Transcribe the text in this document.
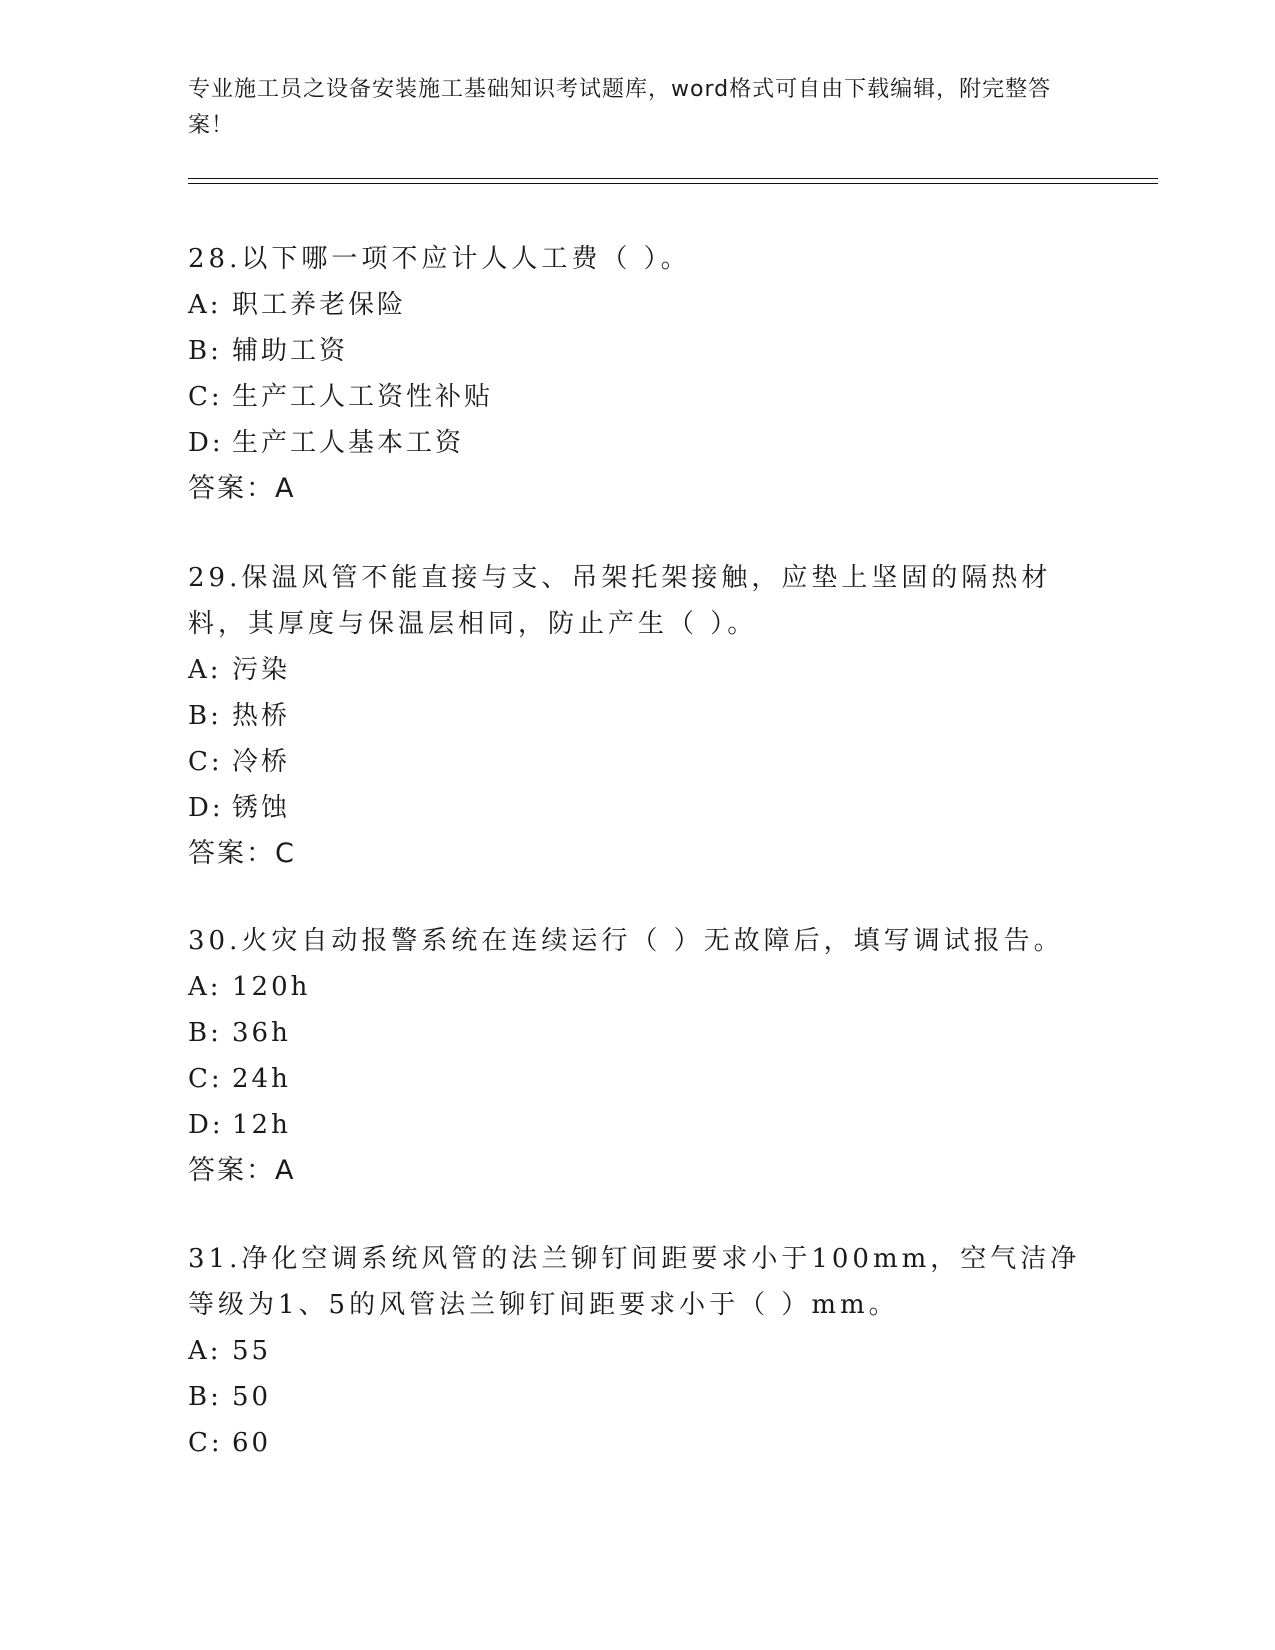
专业施工员之设备安装施工基础知识考试题库，word格式可自由下载编辑，附完整答案！

28.以下哪一项不应计人人工费（ ）。

A: 职工养老保险
B: 辅助工资
C: 生产工人工资性补贴
D: 生产工人基本工资
答案：A

29.保温风管不能直接与支、吊架托架接触，应垫上坚固的隔热材料，其厚度与保温层相同，防止产生（ ）。

A: 污染
B: 热桥
C: 冷桥
D: 锈蚀
答案：C

30.火灾自动报警系统在连续运行（ ）无故障后，填写调试报告。

A: 120h
B: 36h
C: 24h
D: 12h
答案：A

31.净化空调系统风管的法兰铆钉间距要求小于100mm，空气洁净等级为1、5的风管法兰铆钉间距要求小于（ ）mm。

A: 55
B: 50
C: 60
